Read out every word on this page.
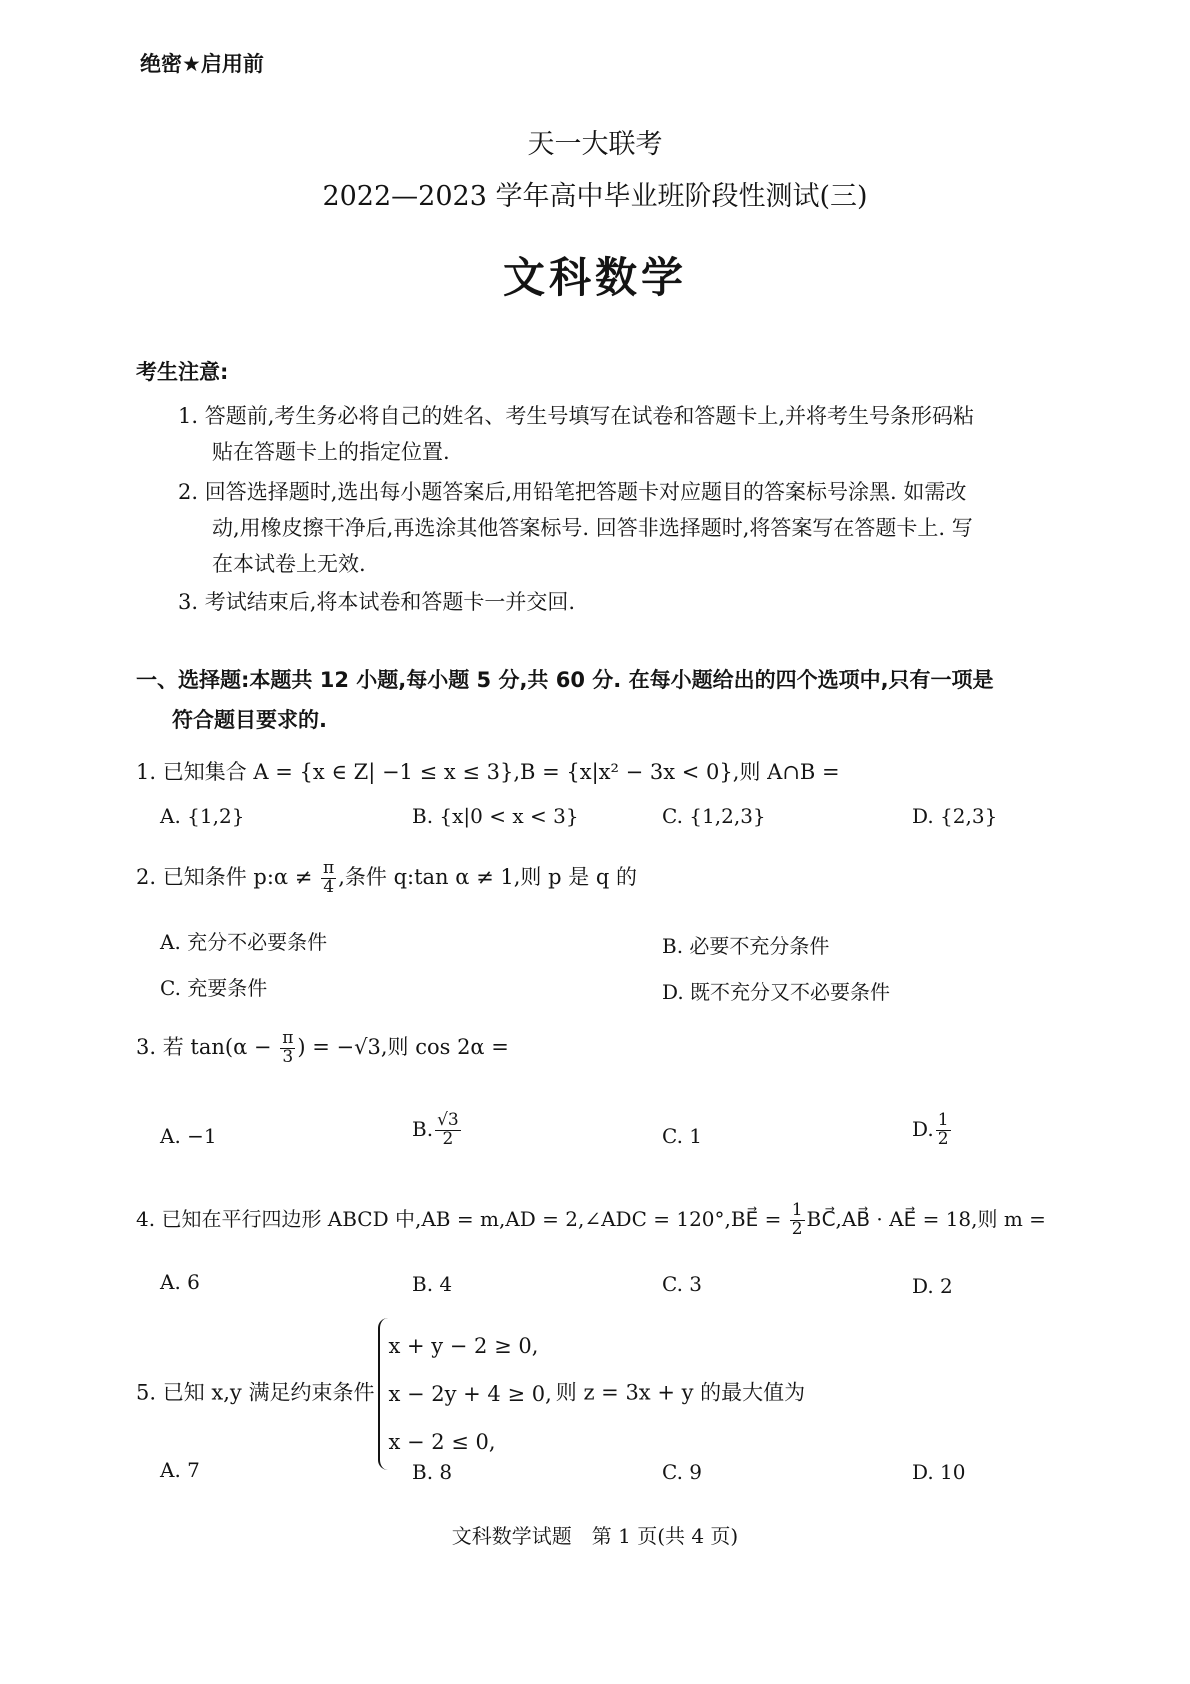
绝密★启用前
天一大联考
2022—2023 学年高中毕业班阶段性测试(三)
文科数学
考生注意:
1. 答题前,考生务必将自己的姓名、考生号填写在试卷和答题卡上,并将考生号条形码粘
贴在答题卡上的指定位置.
2. 回答选择题时,选出每小题答案后,用铅笔把答题卡对应题目的答案标号涂黑. 如需改
动,用橡皮擦干净后,再选涂其他答案标号. 回答非选择题时,将答案写在答题卡上. 写
在本试卷上无效.
3. 考试结束后,将本试卷和答题卡一并交回.
一、选择题:本题共 12 小题,每小题 5 分,共 60 分. 在每小题给出的四个选项中,只有一项是
符合题目要求的.
1. 已知集合 A = {x ∈ Z| −1 ≤ x ≤ 3},B = {x|x² − 3x < 0},则 A∩B =
A. {1,2}	B. {x|0 < x < 3}	C. {1,2,3}	D. {2,3}
2. 已知条件 p:α ≠ $\frac{\pi}{4}$ ,条件 q:tan α ≠ 1,则 p 是 q 的
A. 充分不必要条件	B. 必要不充分条件
C. 充要条件	D. 既不充分又不必要条件
3. 若 $\tan(\alpha - \frac{\pi}{3}$ ) = −√3,则 cos 2α =
A. −1	B. $\frac{√3}{2}$	C. 1	D. $\frac{1}{2}$
4. 已知在平行四边形 ABCD 中,AB = m,AD = 2,∠ADC = 120°,BE⃗ = $\frac{1}{2}$ BC⃗,AB⃗ · AE⃗ = 18,则 m =
A. 6	B. 4	C. 3	D. 2
5. 已知 x,y 满足约束条件
x + y − 2 ≥ 0,
x − 2y + 4 ≥ 0,
x − 2 ≤ 0,
则 z = 3x + y 的最大值为
A. 7	B. 8	C. 9	D. 10
文科数学试题　第 1 页(共 4 页)
